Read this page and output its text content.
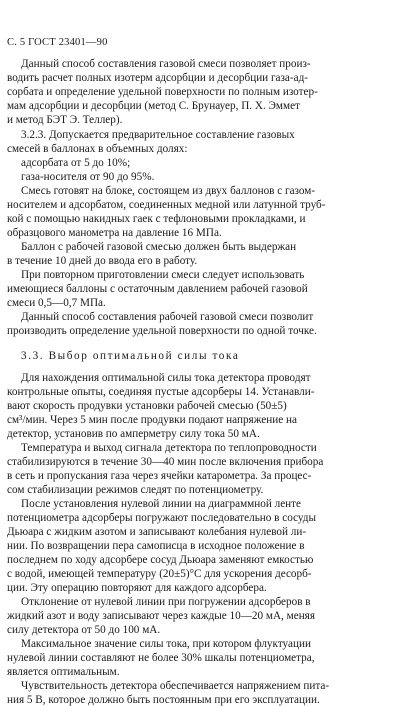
С. 5 ГОСТ 23401—90
Данный способ составления газовой смеси позволяет произ-
водить расчет полных изотерм адсорбции и десорбции газа-ад-
сорбата и определение удельной поверхности по полным изотер-
мам адсорбции и десорбции (метод С. Брунауер, П. Х. Эммет
и метод БЭТ Э. Теллер).
3.2.3. Допускается предварительное составление газовых
смесей в баллонах в объемных долях:
адсорбата от 5 до 10%;
газа-носителя от 90 до 95%.
Смесь готовят на блоке, состоящем из двух баллонов с газом-
носителем и адсорбатом, соединенных медной или латунной труб-
кой с помощью накидных гаек с тефлоновыми прокладками, и
образцового манометра на давление 16 МПа.
Баллон с рабочей газовой смесью должен быть выдержан
в течение 10 дней до ввода его в работу.
При повторном приготовлении смеси следует использовать
имеющиеся баллоны с остаточным давлением рабочей газовой
смеси 0,5—0,7 МПа.
Данный способ составления рабочей газовой смеси позволит
производить определение удельной поверхности по одной точке.
3.3. Выбор оптимальной силы тока
Для нахождения оптимальной силы тока детектора проводят
контрольные опыты, соединяя пустые адсорберы 14. Устанавли-
вают скорость продувки установки рабочей смесью (50±5)
см³/мин. Через 5 мин после продувки подают напряжение на
детектор, установив по амперметру силу тока 50 мА.
Температура и выход сигнала детектора по теплопроводности
стабилизируются в течение 30—40 мин после включения прибора
в сеть и пропускания газа через ячейки катарометра. За процес-
сом стабилизации режимов следят по потенциометру.
После установления нулевой линии на диаграммной ленте
потенциометра адсорберы погружают последовательно в сосуды
Дьюара с жидким азотом и записывают колебания нулевой ли-
нии. По возвращении пера самописца в исходное положение в
последнем по ходу адсорбере сосуд Дьюара заменяют емкостью
с водой, имеющей температуру (20±5)°С для ускорения десорб-
ции. Эту операцию повторяют для каждого адсорбера.
Отклонение от нулевой линии при погружении адсорберов в
жидкий азот и воду записывают через каждые 10—20 мА, меняя
силу детектора от 50 до 100 мА.
Максимальное значение силы тока, при котором флуктуации
нулевой линии составляют не более 30% шкалы потенциометра,
является оптимальным.
Чувствительность детектора обеспечивается напряжением пита-
ния 5 В, которое должно быть постоянным при его эксплуатации.
